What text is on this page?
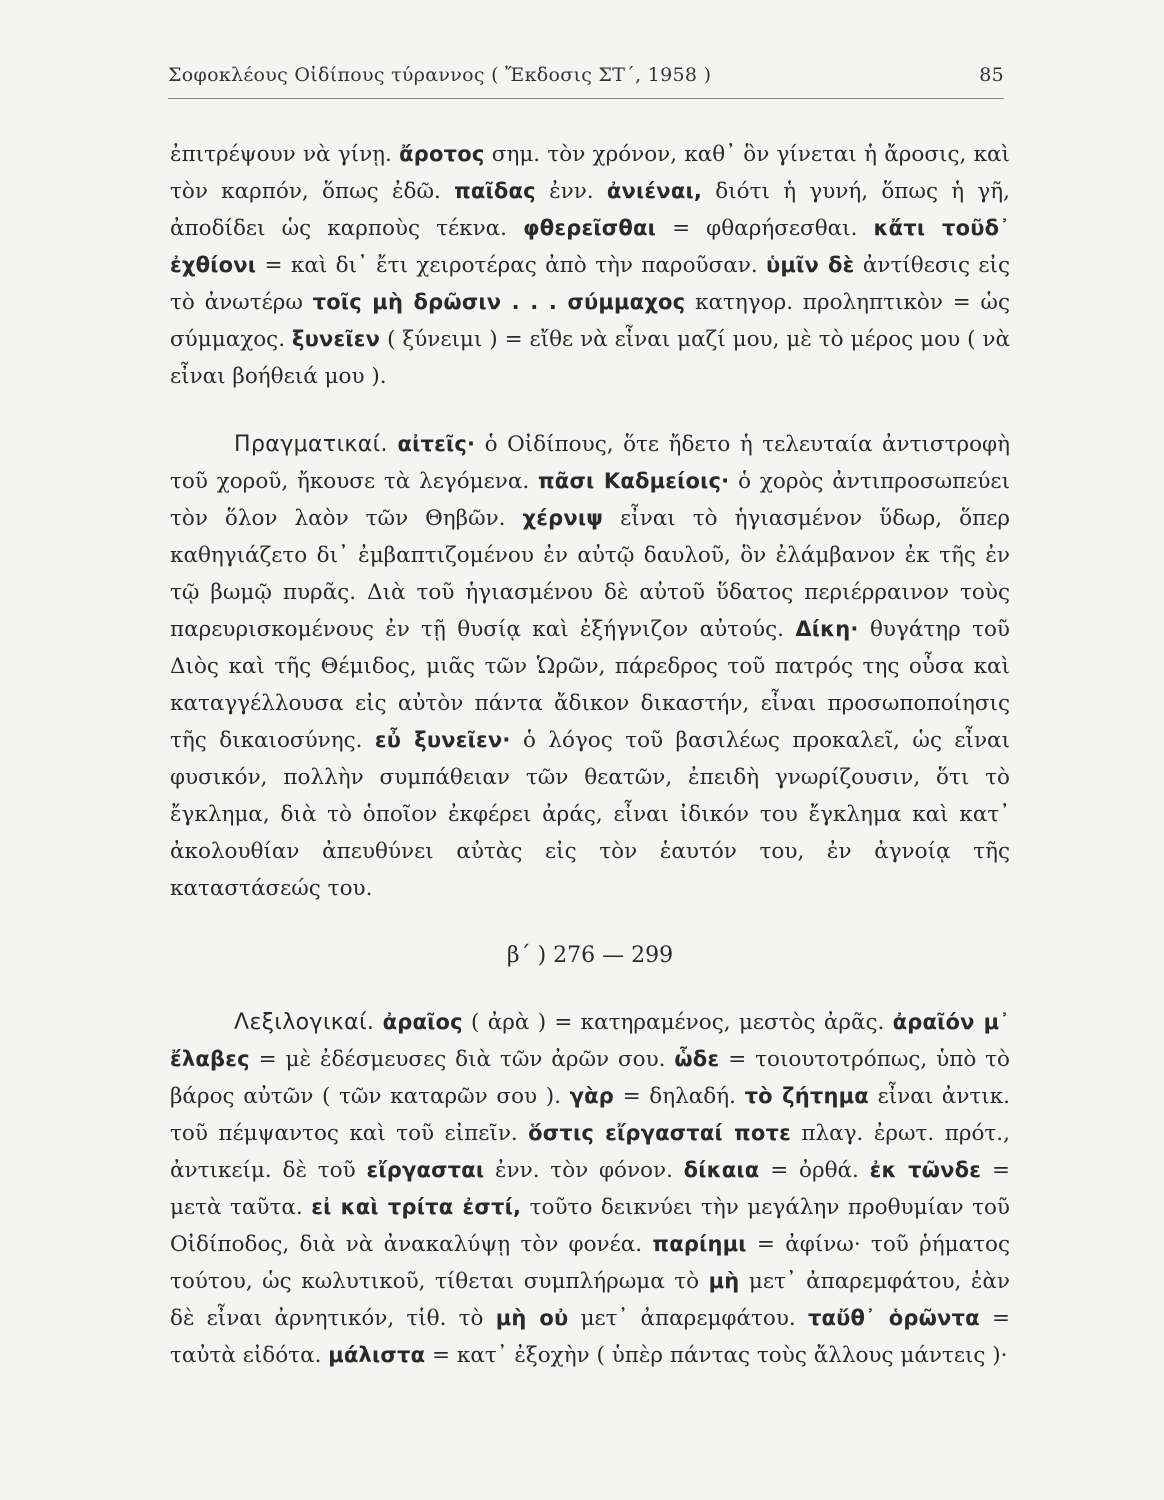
Σοφοκλέους Οἰδίπους τύραννος ( Ἔκδοσις ΣΤ΄, 1958 )	85

ἐπιτρέψουν νὰ γίνῃ. ἄροτος σημ. τὸν χρόνον, καθ᾽ ὃν γίνεται ἡ ἄροσις, καὶ τὸν καρπόν, ὅπως ἐδῶ. παῖδας ἐνν. ἀνιέναι, διότι ἡ γυνή, ὅπως ἡ γῆ, ἀποδίδει ὡς καρποὺς τέκνα. φθερεῖσθαι = φθαρήσεσθαι. κἄτι τοῦδ᾽ ἐχθίονι = καὶ δι᾽ ἔτι χειροτέρας ἀπὸ τὴν παροῦσαν. ὑμῖν δὲ ἀντίθεσις εἰς τὸ ἀνωτέρω τοῖς μὴ δρῶσιν . . . σύμμαχος κατηγορ. προληπτικὸν = ὡς σύμμαχος. ξυνεῖεν ( ξύνειμι ) = εἴθε νὰ εἶναι μαζί μου, μὲ τὸ μέρος μου ( νὰ εἶναι βοήθειά μου ).

Πραγματικαί. αἰτεῖς· ὁ Οἰδίπους, ὅτε ἤδετο ἡ τελευταία ἀντιστροφὴ τοῦ χοροῦ, ἤκουσε τὰ λεγόμενα. πᾶσι Καδμείοις· ὁ χορὸς ἀντιπροσωπεύει τὸν ὅλον λαὸν τῶν Θηβῶν. χέρνιψ εἶναι τὸ ἡγιασμένον ὕδωρ, ὅπερ καθηγιάζετο δι᾽ ἐμβαπτιζομένου ἐν αὐτῷ δαυλοῦ, ὃν ἐλάμβανον ἐκ τῆς ἐν τῷ βωμῷ πυρᾶς. Διὰ τοῦ ἡγιασμένου δὲ αὐτοῦ ὕδατος περιέρραινον τοὺς παρευρισκομένους ἐν τῇ θυσίᾳ καὶ ἐξήγνιζον αὐτούς. Δίκη· θυγάτηρ τοῦ Διὸς καὶ τῆς Θέμιδος, μιᾶς τῶν Ὡρῶν, πάρεδρος τοῦ πατρός της οὖσα καὶ καταγγέλλουσα εἰς αὐτὸν πάντα ἄδικον δικαστήν, εἶναι προσωποποίησις τῆς δικαιοσύνης. εὖ ξυνεῖεν· ὁ λόγος τοῦ βασιλέως προκαλεῖ, ὡς εἶναι φυσικόν, πολλὴν συμπάθειαν τῶν θεατῶν, ἐπειδὴ γνωρίζουσιν, ὅτι τὸ ἔγκλημα, διὰ τὸ ὁποῖον ἐκφέρει ἀράς, εἶναι ἰδικόν του ἔγκλημα καὶ κατ᾽ ἀκολουθίαν ἀπευθύνει αὐτὰς εἰς τὸν ἑαυτόν του, ἐν ἀγνοίᾳ τῆς καταστάσεώς του.

β΄ ) 276 — 299

Λεξιλογικαί. ἀραῖος ( ἀρὰ ) = κατηραμένος, μεστὸς ἀρᾶς. ἀραῖόν μ᾽ ἔλαβες = μὲ ἐδέσμευσες διὰ τῶν ἀρῶν σου. ὧδε = τοιουτοτρόπως, ὑπὸ τὸ βάρος αὐτῶν ( τῶν καταρῶν σου ). γὰρ = δηλαδή. τὸ ζήτημα εἶναι ἀντικ. τοῦ πέμψαντος καὶ τοῦ εἰπεῖν. ὅστις εἴργασταί ποτε πλαγ. ἐρωτ. πρότ., ἀντικείμ. δὲ τοῦ εἴργασται ἐνν. τὸν φόνον. δίκαια = ὀρθά. ἐκ τῶνδε = μετὰ ταῦτα. εἰ καὶ τρίτα ἐστί, τοῦτο δεικνύει τὴν μεγάλην προθυμίαν τοῦ Οἰδίποδος, διὰ νὰ ἀνακαλύψῃ τὸν φονέα. παρίημι = ἀφίνω· τοῦ ῥήματος τούτου, ὡς κωλυτικοῦ, τίθεται συμπλήρωμα τὸ μὴ μετ᾽ ἀπαρεμφάτου, ἐὰν δὲ εἶναι ἀρνητικόν, τἱθ. τὸ μὴ οὐ μετ᾽ ἀπαρεμφάτου. ταὔθ᾽ ὁρῶντα = ταὐτὰ εἰδότα. μάλιστα = κατ᾽ ἐξοχὴν ( ὑπὲρ πάντας τοὺς ἄλλους μάντεις )·
